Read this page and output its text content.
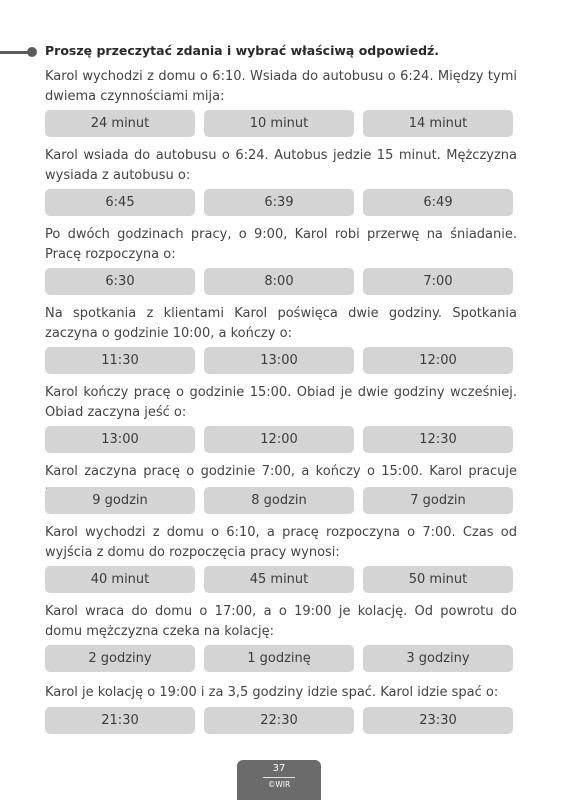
Proszę przeczytać zdania i wybrać właściwą odpowiedź.
Karol wychodzi z domu o 6:10. Wsiada do autobusu o 6:24. Między tymi dwiema czynnościami mija:
24 minut	10 minut	14 minut
Karol wsiada do autobusu o 6:24. Autobus jedzie 15 minut. Mężczyzna wysiada z autobusu o:
6:45	6:39	6:49
Po dwóch godzinach pracy, o 9:00, Karol robi przerwę na śniadanie. Pracę rozpoczyna o:
6:30	8:00	7:00
Na spotkania z klientami Karol poświęca dwie godziny. Spotkania zaczyna o godzinie 10:00, a kończy o:
11:30	13:00	12:00
Karol kończy pracę o godzinie 15:00. Obiad je dwie godziny wcześniej. Obiad zaczyna jeść o:
13:00	12:00	12:30
Karol zaczyna pracę o godzinie 7:00, a kończy o 15:00. Karol pracuje
9 godzin	8 godzin	7 godzin
Karol wychodzi z domu o 6:10, a pracę rozpoczyna o 7:00. Czas od wyjścia z domu do rozpoczęcia pracy wynosi:
40 minut	45 minut	50 minut
Karol wraca do domu o 17:00, a o 19:00 je kolację. Od powrotu do domu mężczyzna czeka na kolację:
2 godziny	1 godzinę	3 godziny
Karol je kolację o 19:00 i za 3,5 godziny idzie spać. Karol idzie spać o:
21:30	22:30	23:30
37
©WIR
